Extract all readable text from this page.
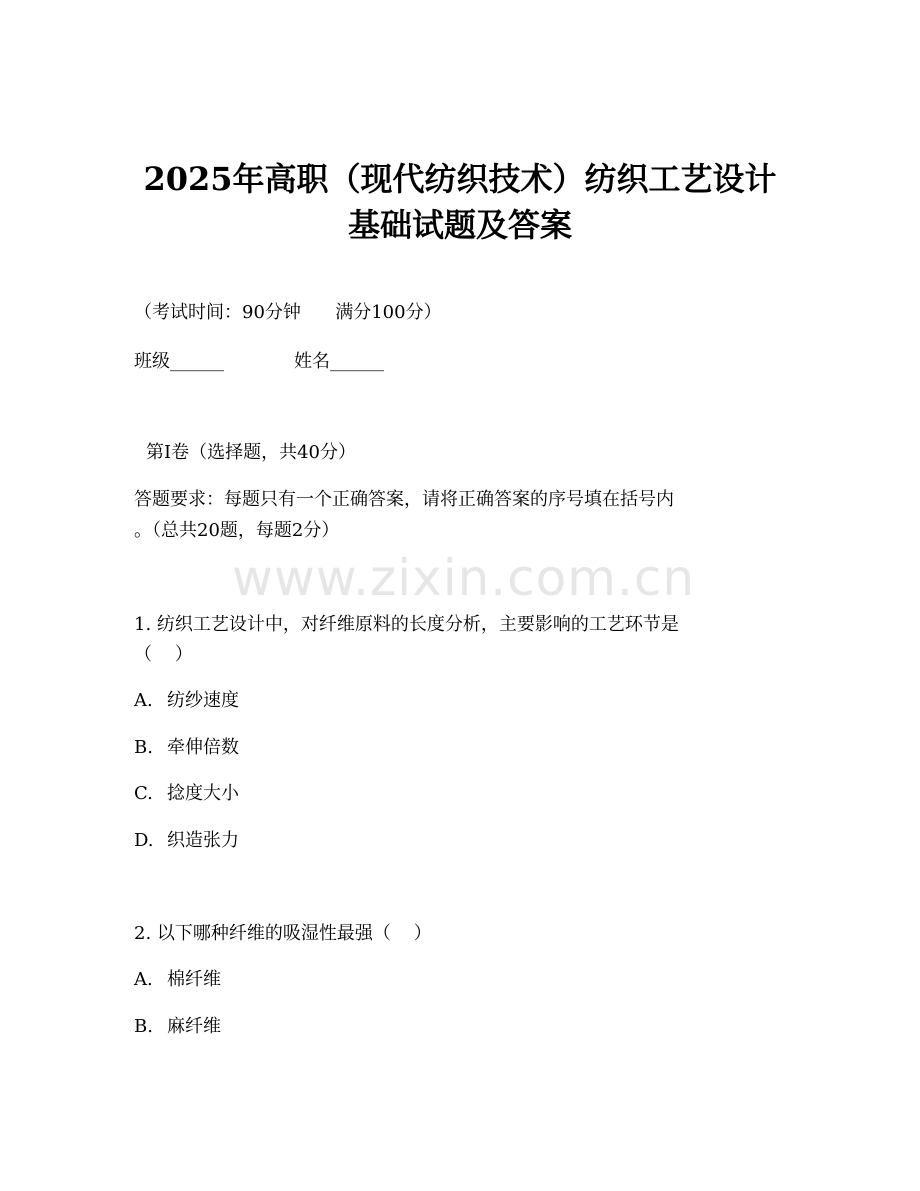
www.zixin.com.cn
2025年高职（现代纺织技术）纺织工艺设计
基础试题及答案

（考试时间：90分钟      满分100分）

班级______	姓名______

第I卷（选择题，共40分）

答题要求：每题只有一个正确答案，请将正确答案的序号填在括号内

。（总共20题，每题2分）

1. 纺织工艺设计中，对纤维原料的长度分析，主要影响的工艺环节是

（    ）

A. 纺纱速度

B. 牵伸倍数

C. 捻度大小

D. 织造张力

2. 以下哪种纤维的吸湿性最强（    ）

A. 棉纤维

B. 麻纤维
